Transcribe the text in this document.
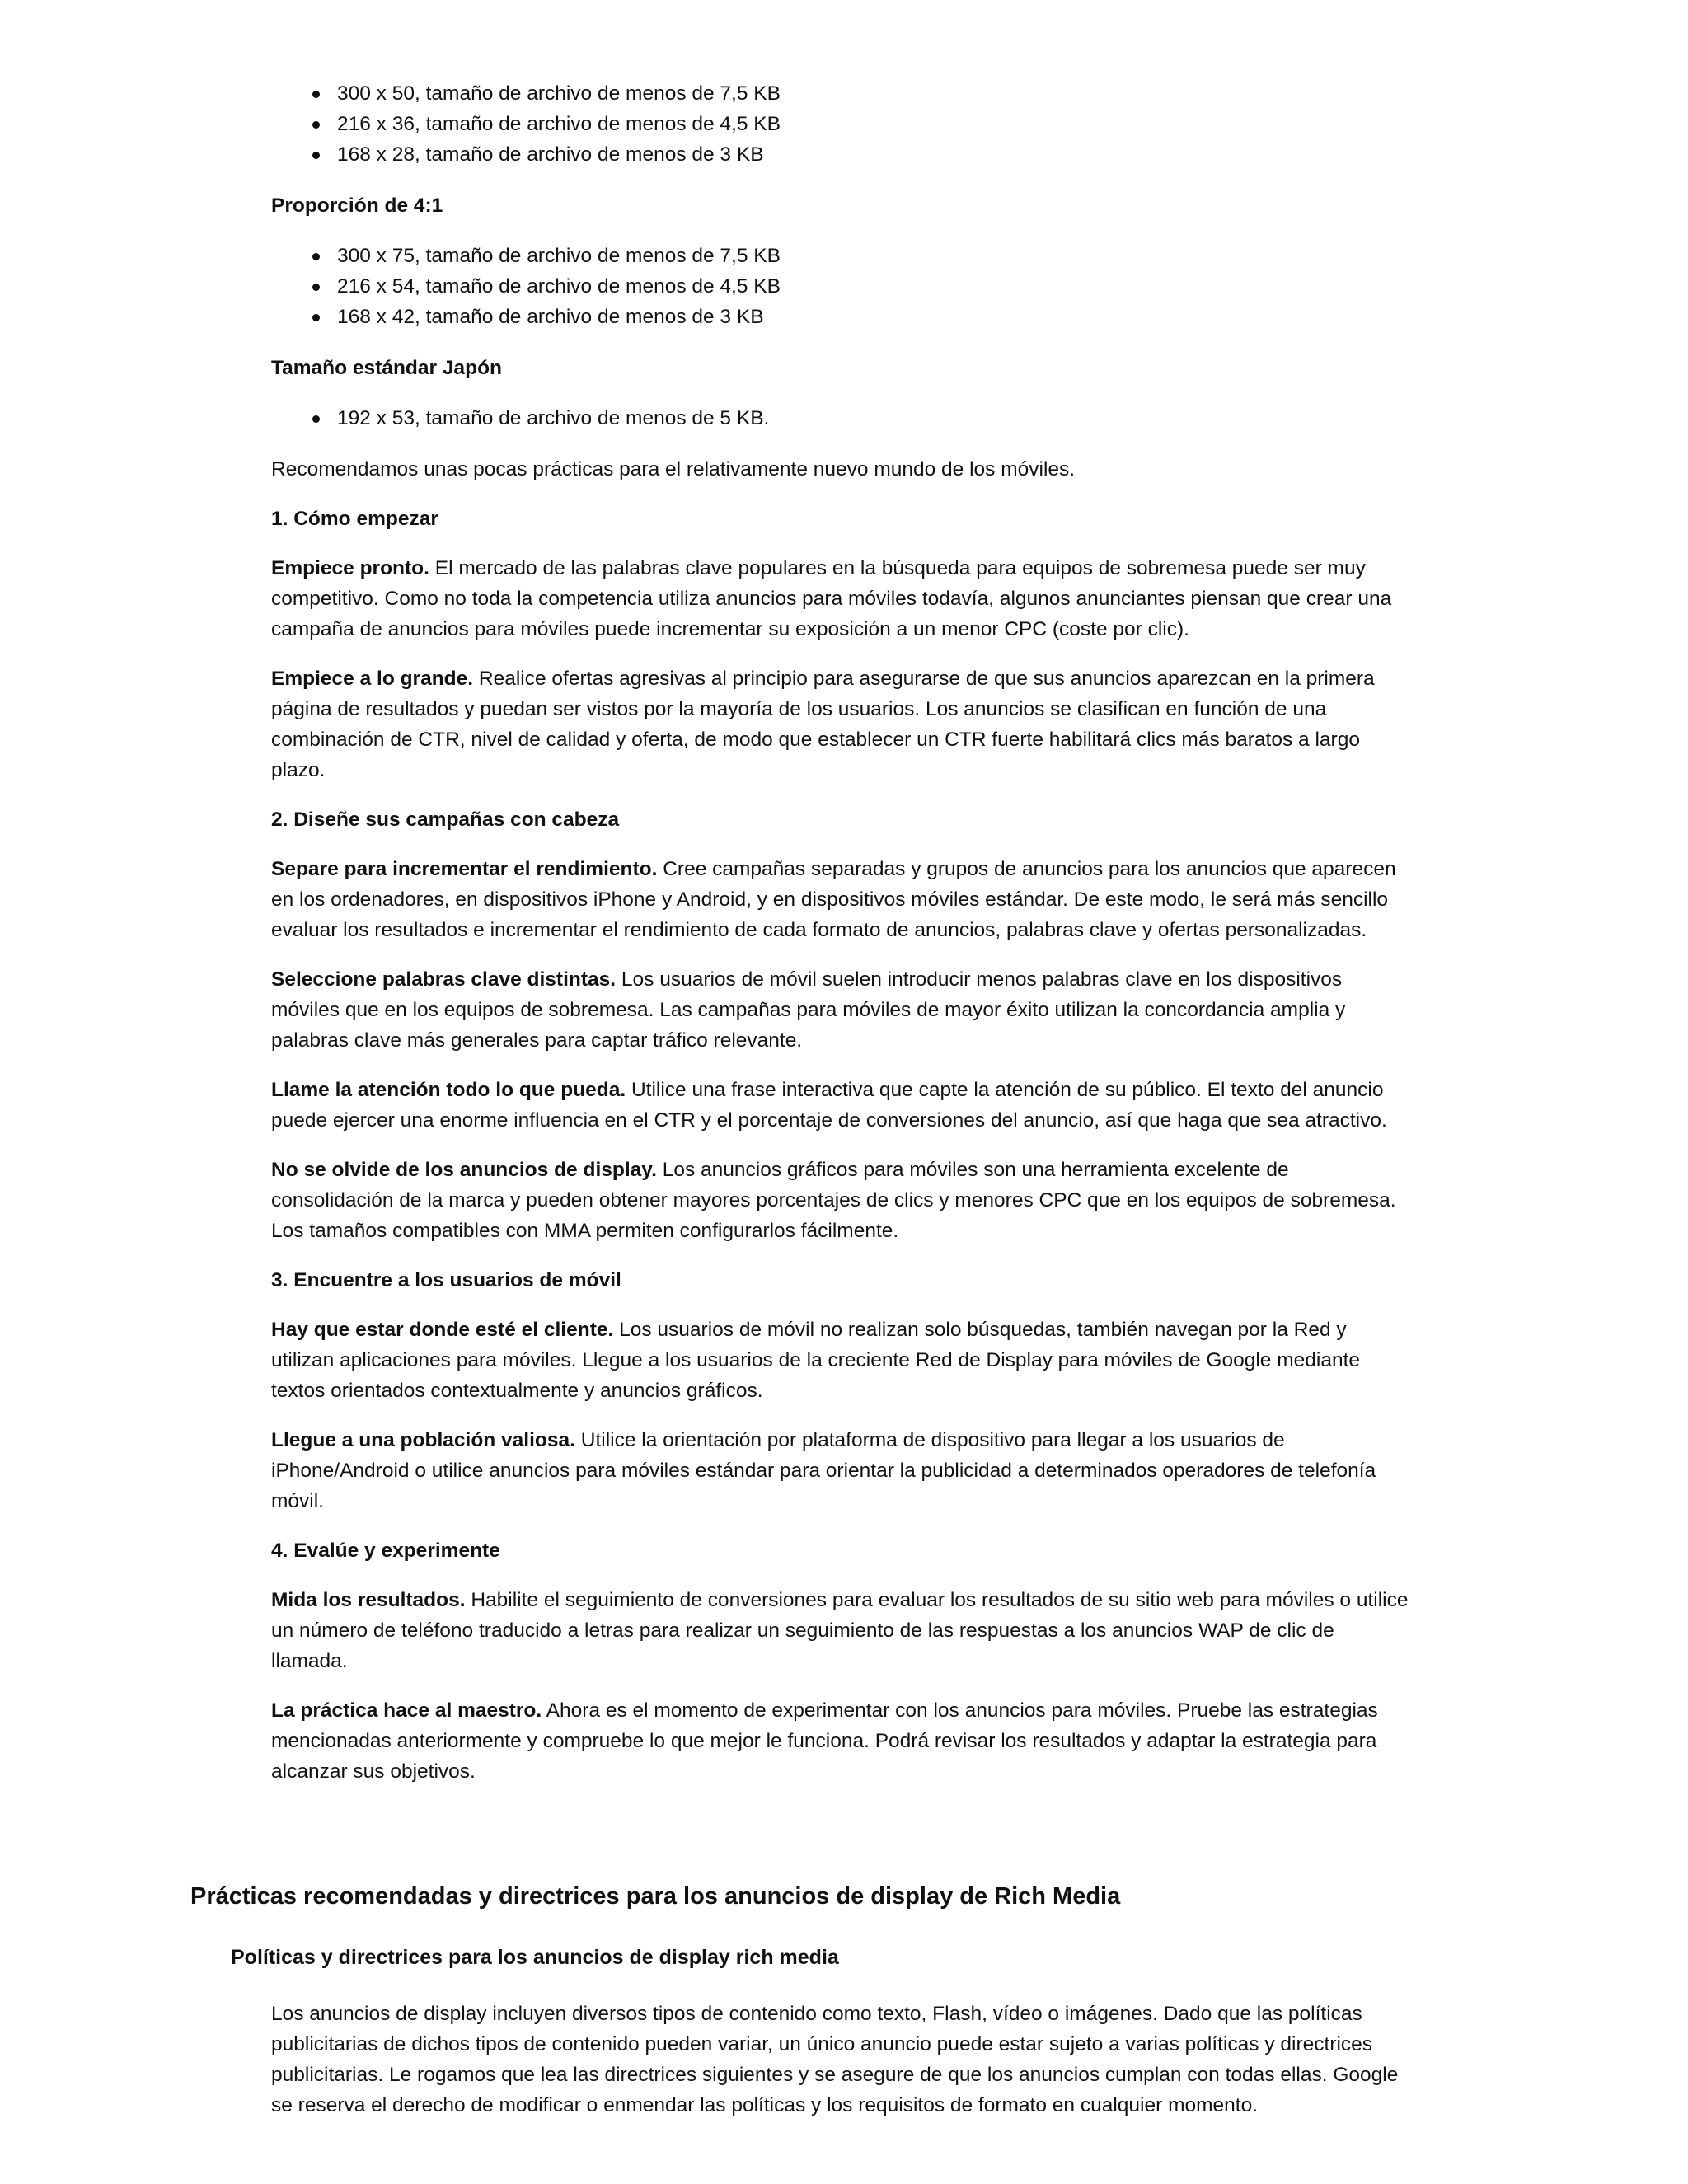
300 x 50, tamaño de archivo de menos de 7,5 KB
216 x 36, tamaño de archivo de menos de 4,5 KB
168 x 28, tamaño de archivo de menos de 3 KB
Proporción de 4:1
300 x 75, tamaño de archivo de menos de 7,5 KB
216 x 54, tamaño de archivo de menos de 4,5 KB
168 x 42, tamaño de archivo de menos de 3 KB
Tamaño estándar Japón
192 x 53, tamaño de archivo de menos de 5 KB.

Recomendamos unas pocas prácticas para el relativamente nuevo mundo de los móviles.

1. Cómo empezar

Empiece pronto. El mercado de las palabras clave populares en la búsqueda para equipos de sobremesa puede ser muy competitivo. Como no toda la competencia utiliza anuncios para móviles todavía, algunos anunciantes piensan que crear una campaña de anuncios para móviles puede incrementar su exposición a un menor CPC (coste por clic).

Empiece a lo grande. Realice ofertas agresivas al principio para asegurarse de que sus anuncios aparezcan en la primera página de resultados y puedan ser vistos por la mayoría de los usuarios. Los anuncios se clasifican en función de una combinación de CTR, nivel de calidad y oferta, de modo que establecer un CTR fuerte habilitará clics más baratos a largo plazo.

2. Diseñe sus campañas con cabeza

Separe para incrementar el rendimiento. Cree campañas separadas y grupos de anuncios para los anuncios que aparecen en los ordenadores, en dispositivos iPhone y Android, y en dispositivos móviles estándar. De este modo, le será más sencillo evaluar los resultados e incrementar el rendimiento de cada formato de anuncios, palabras clave y ofertas personalizadas.

Seleccione palabras clave distintas. Los usuarios de móvil suelen introducir menos palabras clave en los dispositivos móviles que en los equipos de sobremesa. Las campañas para móviles de mayor éxito utilizan la concordancia amplia y palabras clave más generales para captar tráfico relevante.

Llame la atención todo lo que pueda. Utilice una frase interactiva que capte la atención de su público. El texto del anuncio puede ejercer una enorme influencia en el CTR y el porcentaje de conversiones del anuncio, así que haga que sea atractivo.

No se olvide de los anuncios de display. Los anuncios gráficos para móviles son una herramienta excelente de consolidación de la marca y pueden obtener mayores porcentajes de clics y menores CPC que en los equipos de sobremesa. Los tamaños compatibles con MMA permiten configurarlos fácilmente.

3. Encuentre a los usuarios de móvil

Hay que estar donde esté el cliente. Los usuarios de móvil no realizan solo búsquedas, también navegan por la Red y utilizan aplicaciones para móviles. Llegue a los usuarios de la creciente Red de Display para móviles de Google mediante textos orientados contextualmente y anuncios gráficos.

Llegue a una población valiosa. Utilice la orientación por plataforma de dispositivo para llegar a los usuarios de iPhone/Android o utilice anuncios para móviles estándar para orientar la publicidad a determinados operadores de telefonía móvil.

4. Evalúe y experimente

Mida los resultados. Habilite el seguimiento de conversiones para evaluar los resultados de su sitio web para móviles o utilice un número de teléfono traducido a letras para realizar un seguimiento de las respuestas a los anuncios WAP de clic de llamada.

La práctica hace al maestro. Ahora es el momento de experimentar con los anuncios para móviles. Pruebe las estrategias mencionadas anteriormente y compruebe lo que mejor le funciona. Podrá revisar los resultados y adaptar la estrategia para alcanzar sus objetivos.

Prácticas recomendadas y directrices para los anuncios de display de Rich Media
Políticas y directrices para los anuncios de display rich media

Los anuncios de display incluyen diversos tipos de contenido como texto, Flash, vídeo o imágenes. Dado que las políticas publicitarias de dichos tipos de contenido pueden variar, un único anuncio puede estar sujeto a varias políticas y directrices publicitarias. Le rogamos que lea las directrices siguientes y se asegure de que los anuncios cumplan con todas ellas. Google se reserva el derecho de modificar o enmendar las políticas y los requisitos de formato en cualquier momento.
